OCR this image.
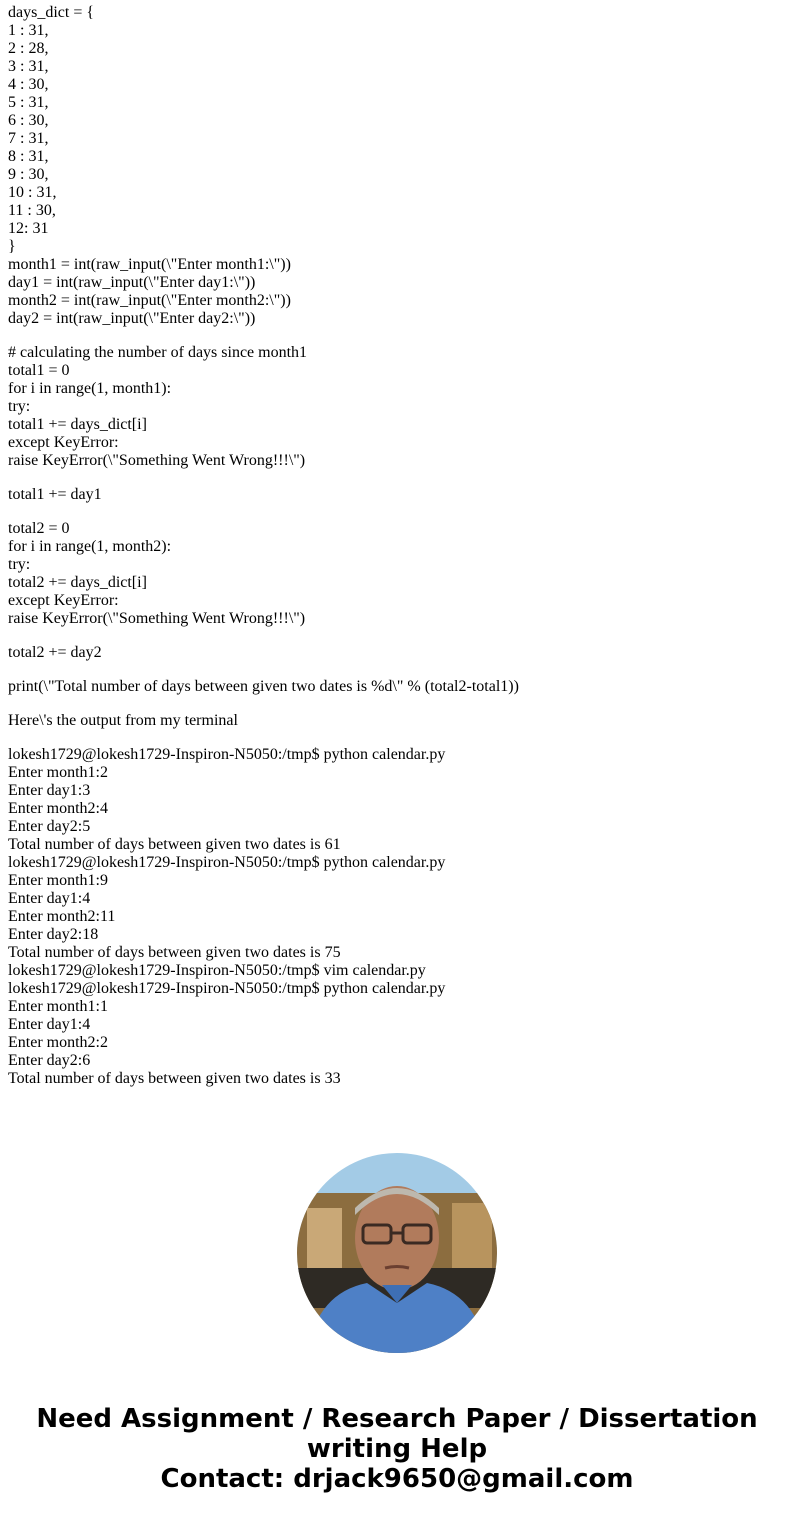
days_dict = {
1 : 31,
2 : 28,
3 : 31,
4 : 30,
5 : 31,
6 : 30,
7 : 31,
8 : 31,
9 : 30,
10 : 31,
11 : 30,
12: 31
}
month1 = int(raw_input(\"Enter month1:\"))
day1 = int(raw_input(\"Enter day1:\"))
month2 = int(raw_input(\"Enter month2:\"))
day2 = int(raw_input(\"Enter day2:\"))
# calculating the number of days since month1
total1 = 0
for i in range(1, month1):
try:
total1 += days_dict[i]
except KeyError:
raise KeyError(\"Something Went Wrong!!!\")
total1 += day1
total2 = 0
for i in range(1, month2):
try:
total2 += days_dict[i]
except KeyError:
raise KeyError(\"Something Went Wrong!!!\")
total2 += day2
print(\"Total number of days between given two dates is %d\" % (total2-total1))
Here\'s the output from my terminal
lokesh1729@lokesh1729-Inspiron-N5050:/tmp$ python calendar.py
Enter month1:2
Enter day1:3
Enter month2:4
Enter day2:5
Total number of days between given two dates is 61
lokesh1729@lokesh1729-Inspiron-N5050:/tmp$ python calendar.py
Enter month1:9
Enter day1:4
Enter month2:11
Enter day2:18
Total number of days between given two dates is 75
lokesh1729@lokesh1729-Inspiron-N5050:/tmp$ vim calendar.py
lokesh1729@lokesh1729-Inspiron-N5050:/tmp$ python calendar.py
Enter month1:1
Enter day1:4
Enter month2:2
Enter day2:6
Total number of days between given two dates is 33
Need Assignment / Research Paper / Dissertation
writing Help
Contact: drjack9650@gmail.com
